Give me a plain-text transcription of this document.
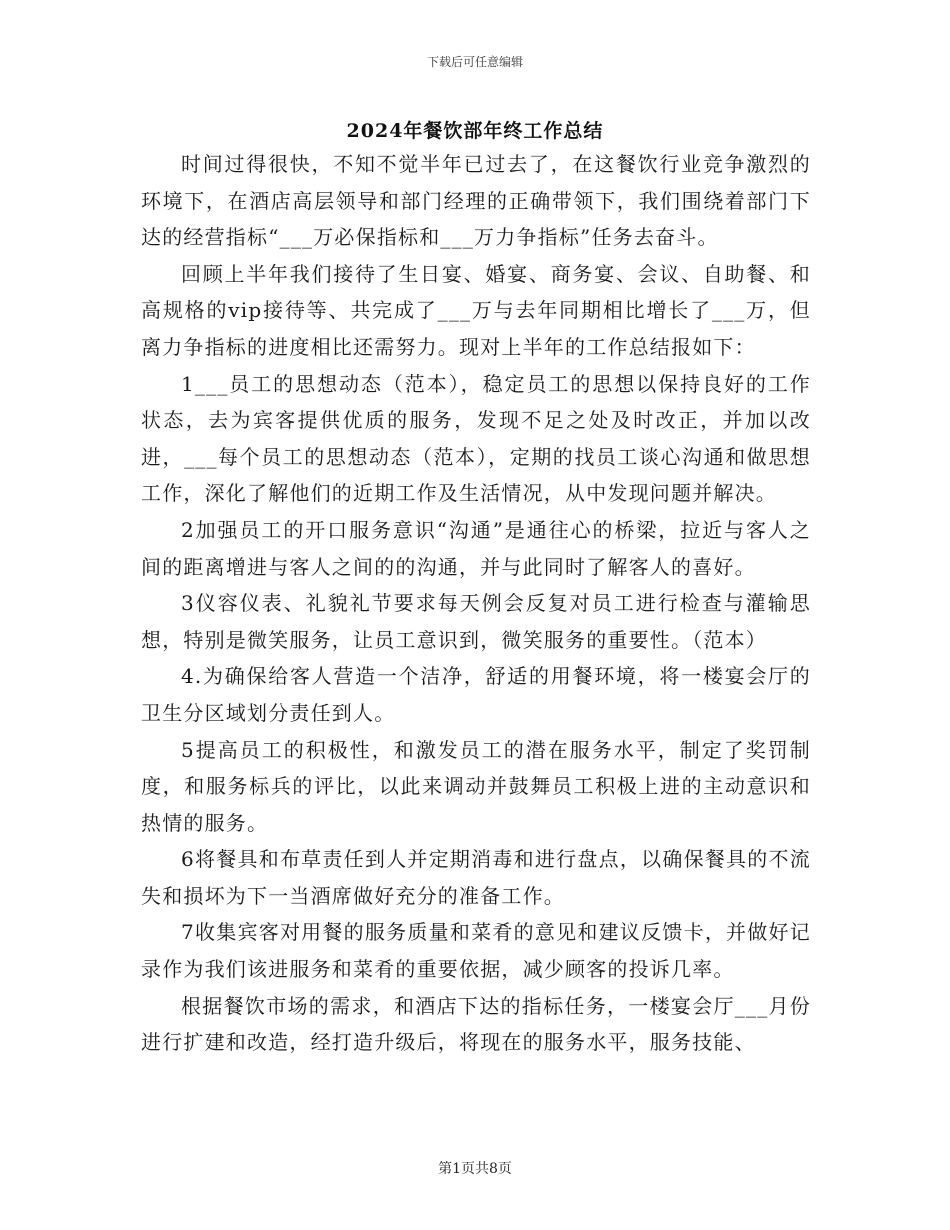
下载后可任意编辑
2024年餐饮部年终工作总结

时间过得很快，不知不觉半年已过去了，在这餐饮行业竞争激烈的环境下，在酒店高层领导和部门经理的正确带领下，我们围绕着部门下达的经营指标“___万必保指标和___万力争指标”任务去奋斗。

回顾上半年我们接待了生日宴、婚宴、商务宴、会议、自助餐、和高规格的vip接待等、共完成了___万与去年同期相比增长了___万，但离力争指标的进度相比还需努力。现对上半年的工作总结报如下：

1___员工的思想动态（范本），稳定员工的思想以保持良好的工作状态，去为宾客提供优质的服务，发现不足之处及时改正，并加以改进，___每个员工的思想动态（范本），定期的找员工谈心沟通和做思想工作，深化了解他们的近期工作及生活情况，从中发现问题并解决。

2加强员工的开口服务意识“沟通”是通往心的桥梁，拉近与客人之间的距离增进与客人之间的的沟通，并与此同时了解客人的喜好。

3仪容仪表、礼貌礼节要求每天例会反复对员工进行检查与灌输思想，特别是微笑服务，让员工意识到，微笑服务的重要性。（范本）

4.为确保给客人营造一个洁净，舒适的用餐环境，将一楼宴会厅的卫生分区域划分责任到人。

5提高员工的积极性，和激发员工的潜在服务水平，制定了奖罚制度，和服务标兵的评比，以此来调动并鼓舞员工积极上进的主动意识和热情的服务。

6将餐具和布草责任到人并定期消毒和进行盘点，以确保餐具的不流失和损坏为下一当酒席做好充分的准备工作。

7收集宾客对用餐的服务质量和菜肴的意见和建议反馈卡，并做好记录作为我们该进服务和菜肴的重要依据，减少顾客的投诉几率。

根据餐饮市场的需求，和酒店下达的指标任务，一楼宴会厅___月份进行扩建和改造，经打造升级后，将现在的服务水平，服务技能、

第1页共8页
